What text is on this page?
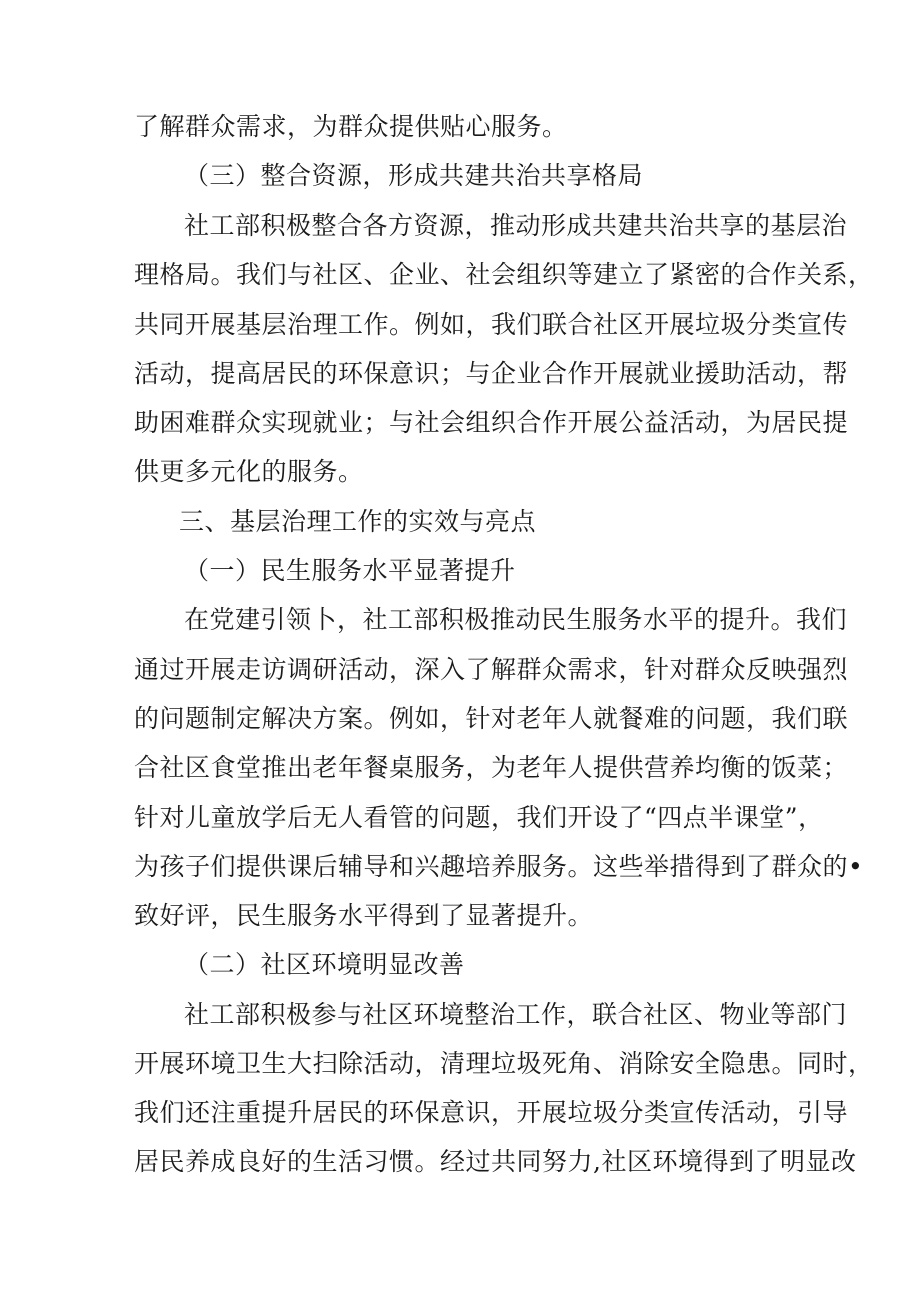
了解群众需求，为群众提供贴心服务。
（三）整合资源，形成共建共治共享格局
社工部积极整合各方资源，推动形成共建共治共享的基层治
理格局。我们与社区、企业、社会组织等建立了紧密的合作关系，
共同开展基层治理工作。例如，我们联合社区开展垃圾分类宣传
活动，提高居民的环保意识；与企业合作开展就业援助活动，帮
助困难群众实现就业；与社会组织合作开展公益活动，为居民提
供更多元化的服务。
三、基层治理工作的实效与亮点
（一）民生服务水平显著提升
在党建引领卜，社工部积极推动民生服务水平的提升。我们
通过开展走访调研活动，深入了解群众需求，针对群众反映强烈
的问题制定解决方案。例如，针对老年人就餐难的问题，我们联
合社区食堂推出老年餐桌服务，为老年人提供营养均衡的饭菜；
针对儿童放学后无人看管的问题，我们开设了“四点半课堂”，
为孩子们提供课后辅导和兴趣培养服务。这些举措得到了群众的•
致好评，民生服务水平得到了显著提升。
（二）社区环境明显改善
社工部积极参与社区环境整治工作，联合社区、物业等部门
开展环境卫生大扫除活动，清理垃圾死角、消除安全隐患。同时，
我们还注重提升居民的环保意识，开展垃圾分类宣传活动，引导
居民养成良好的生活习惯。经过共同努力,社区环境得到了明显改
